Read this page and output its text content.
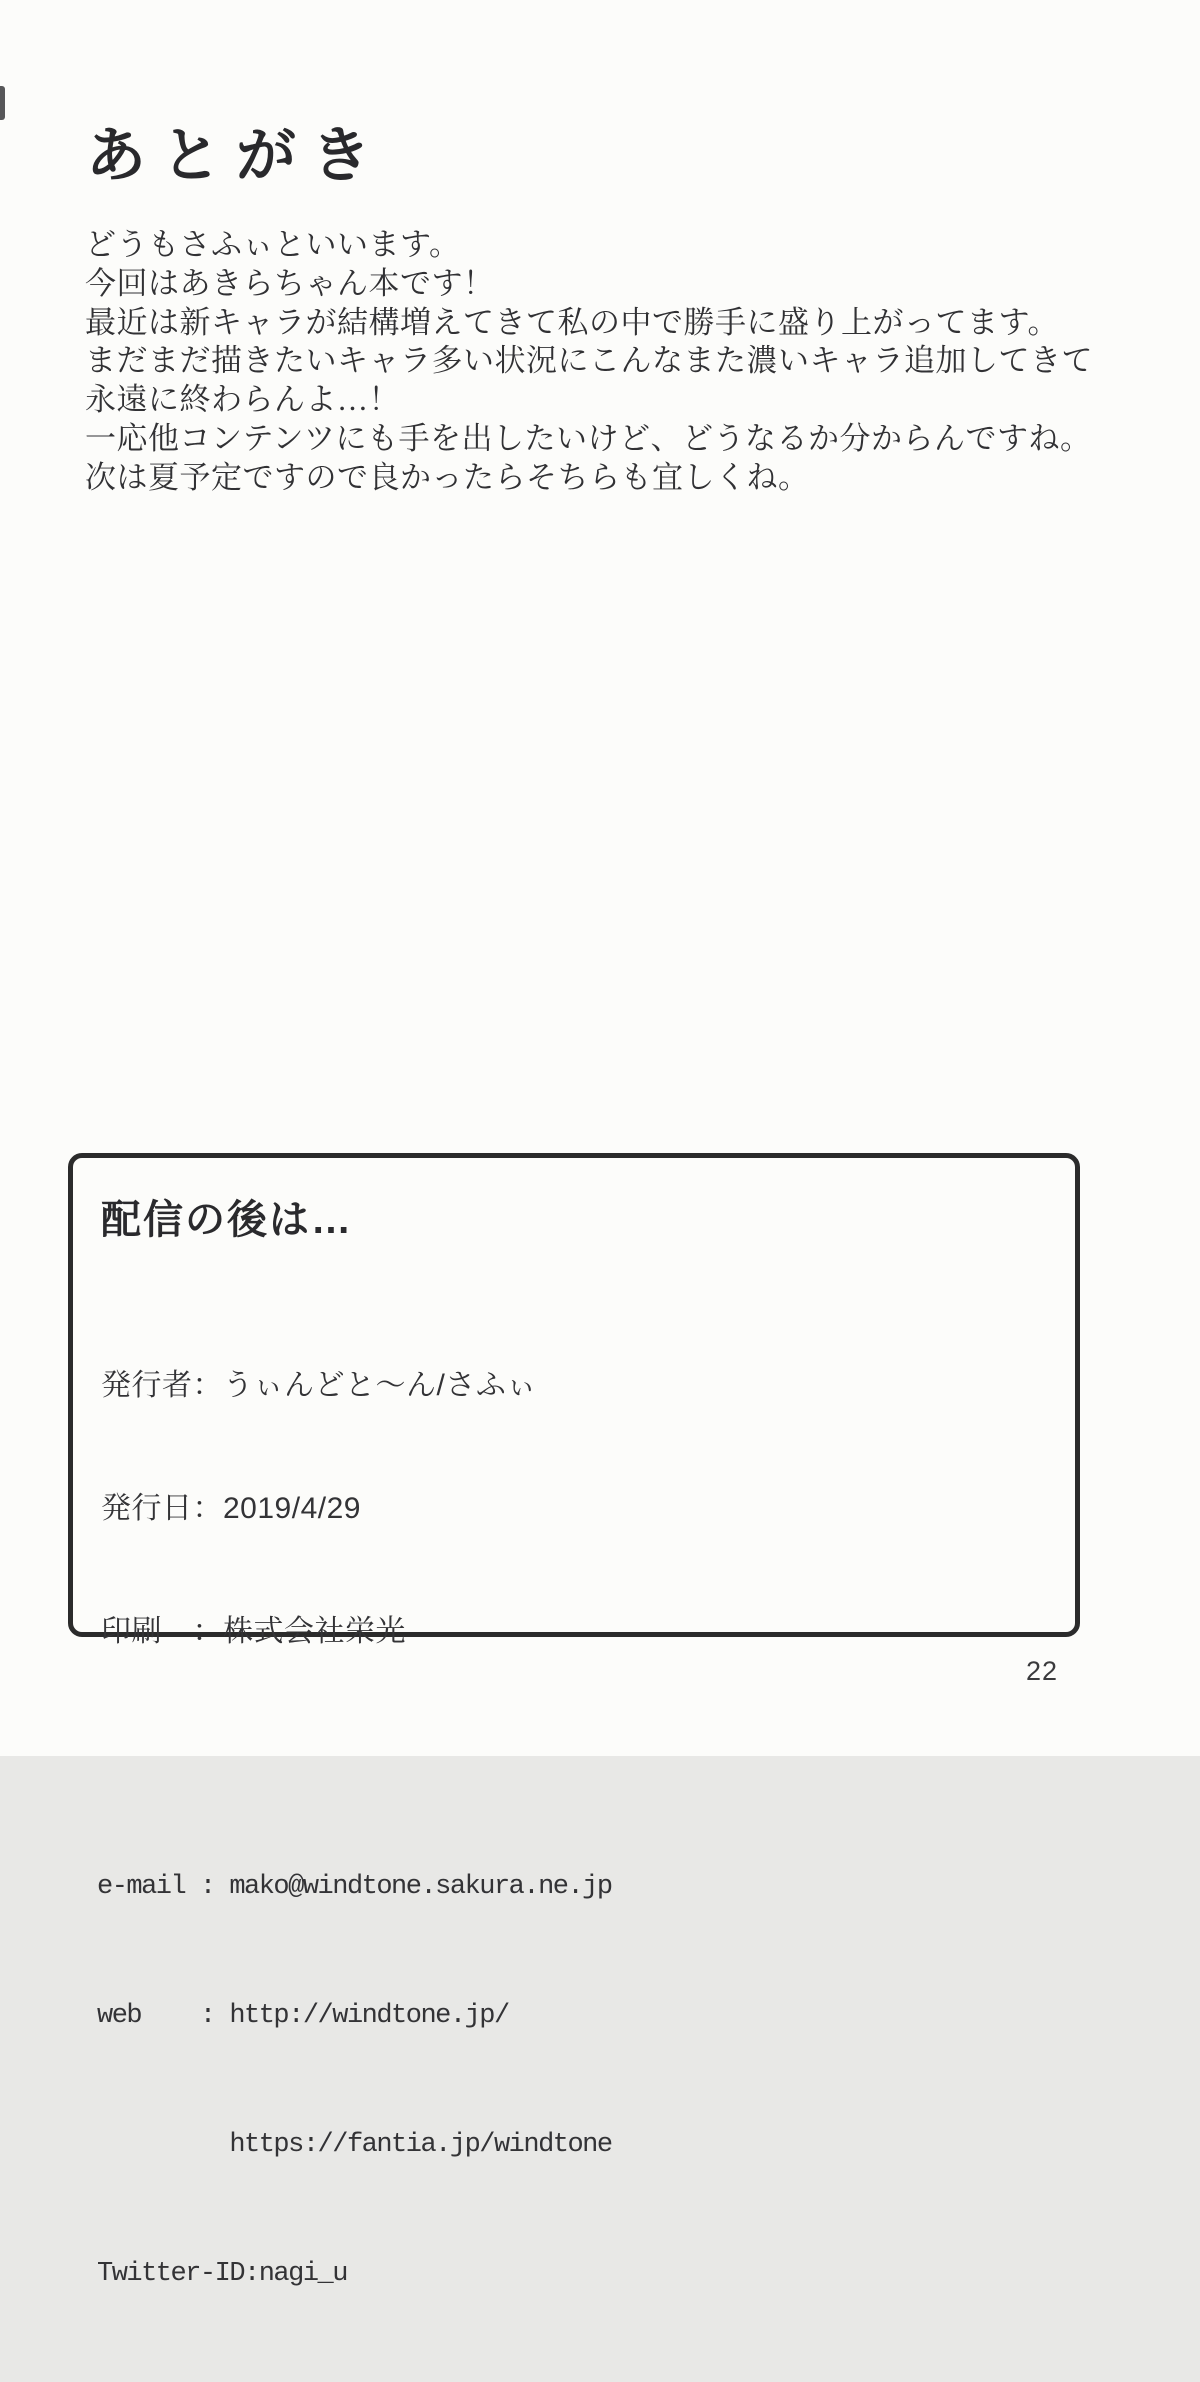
あとがき
どうもさふぃといいます。
今回はあきらちゃん本です！
最近は新キャラが結構増えてきて私の中で勝手に盛り上がってます。
まだまだ描きたいキャラ多い状況にこんなまた濃いキャラ追加してきて
永遠に終わらんよ…！
一応他コンテンツにも手を出したいけど、どうなるか分からんですね。
次は夏予定ですので良かったらそちらも宜しくね。
配信の後は…

発行者：うぃんどと～ん/さふぃ

発行日：2019/4/29

印刷　：株式会社栄光

e-mail : mako@windtone.sakura.ne.jp

web    : http://windtone.jp/

https://fantia.jp/windtone

Twitter-ID:nagi_u

22
